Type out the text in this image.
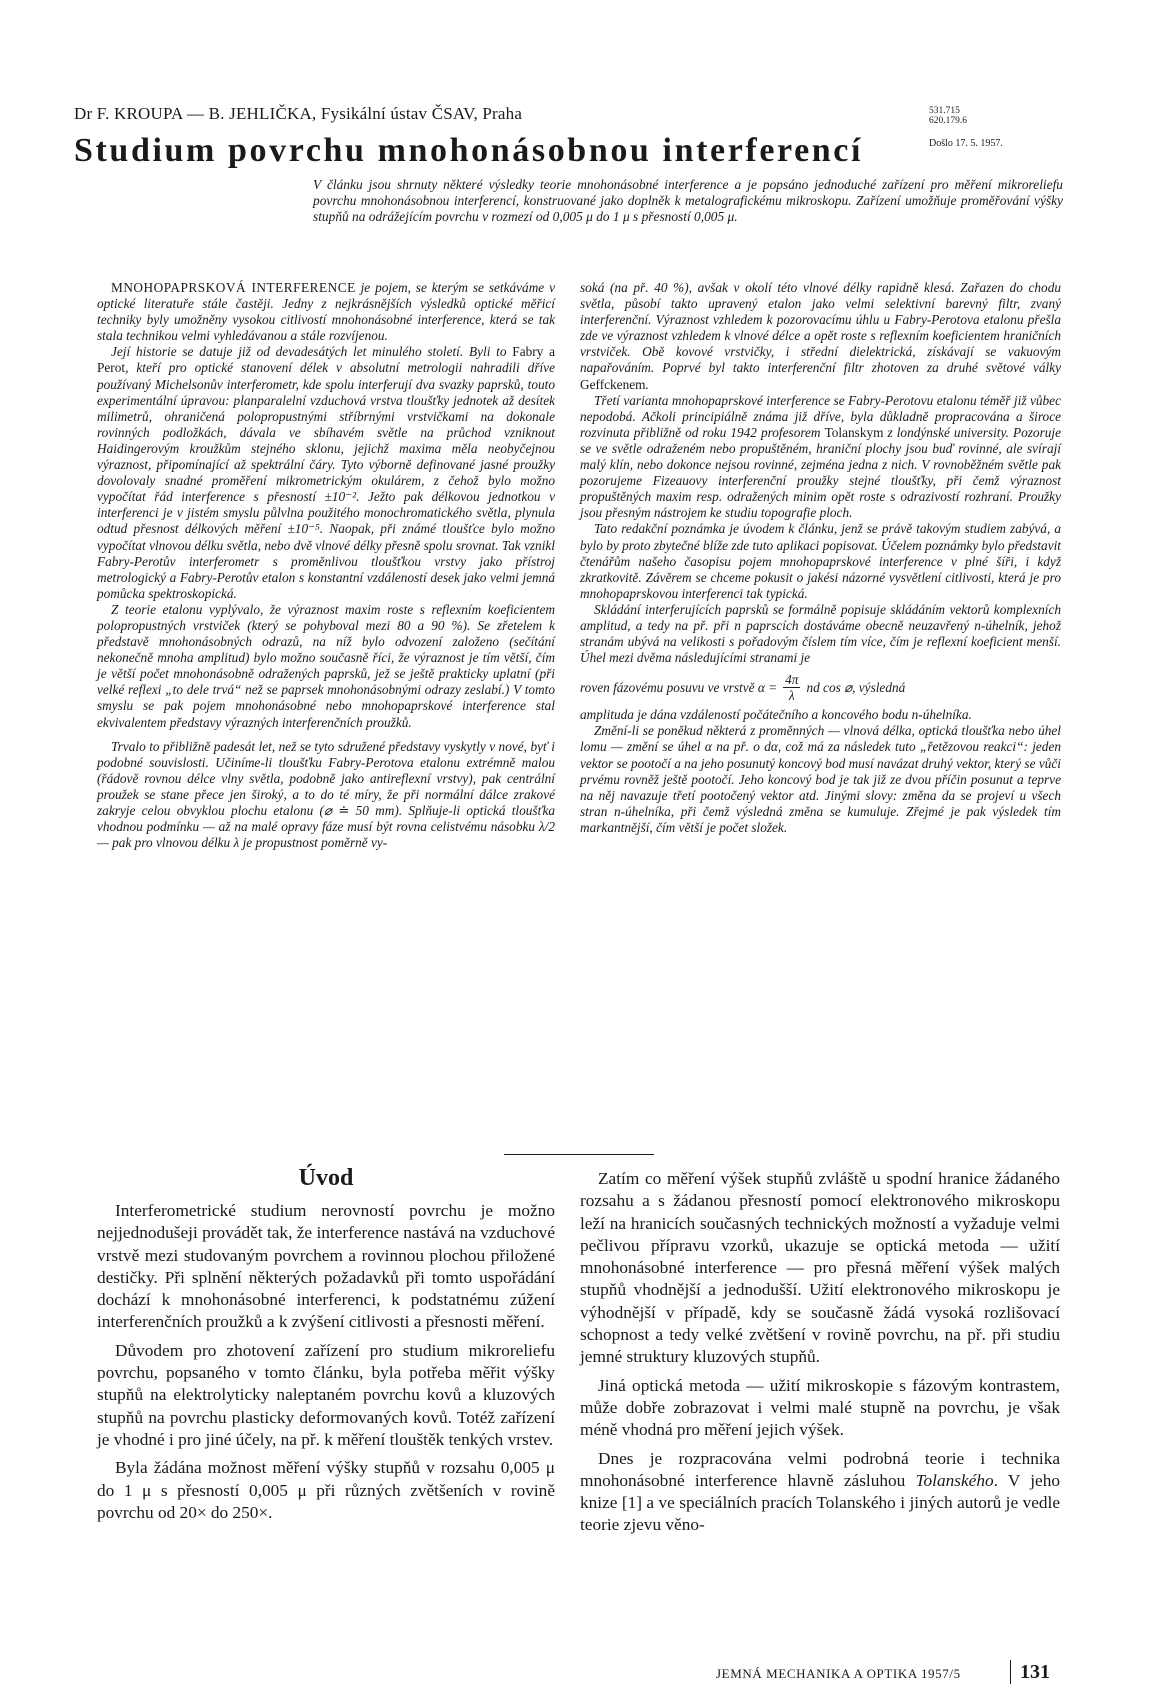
Dr F. KROUPA — B. JEHLIČKA, Fysikální ústav ČSAV, Praha	531.715
620.179.6
Došlo 17. 5. 1957.
Studium povrchu mnohonásobnou interferencí

V článku jsou shrnuty některé výsledky teorie mnohonásobné interference a je popsáno jednoduché zařízení pro měření mikroreliefu povrchu mnohonásobnou interferencí, konstruované jako doplněk k metalografickému mikroskopu. Zařízení umožňuje proměřování výšky stupňů na odrážejícím povrchu v rozmezí od 0,005 μ do 1 μ s přesností 0,005 μ.

MNOHOPAPRSKOVÁ INTERFERENCE je pojem, se kterým se setkáváme v optické literatuře stále častěji. Jedny z nejkrásnějších výsledků optické měřicí techniky byly umožněny vysokou citlivostí mnohonásobné interference, která se tak stala technikou velmi vyhledávanou a stále rozvíjenou.

Její historie se datuje již od devadesátých let minulého století. Byli to Fabry a Perot, kteří pro optické stanovení délek v absolutní metrologii nahradili dříve používaný Michelsonův interferometr, kde spolu interferují dva svazky paprsků, touto experimentální úpravou: planparalelní vzduchová vrstva tloušťky jednotek až desítek milimetrů, ohraničená polopropustnými stříbrnými vrstvičkami na dokonale rovinných podložkách, dávala ve sbíhavém světle na průchod vzniknout Haidingerovým kroužkům stejného sklonu, jejichž maxima měla neobyčejnou výraznost, připomínající až spektrální čáry. Tyto výborně definované jasné proužky dovolovaly snadné proměření mikrometrickým okulárem, z čehož bylo možno vypočítat řád interference s přesností ±10⁻². Ježto pak délkovou jednotkou v interferenci je v jistém smyslu půlvlna použitého monochromatického světla, plynula odtud přesnost délkových měření ±10⁻⁵. Naopak, při známé tloušťce bylo možno vypočítat vlnovou délku světla, nebo dvě vlnové délky přesně spolu srovnat. Tak vznikl Fabry-Perotův interferometr s proměnlivou tloušťkou vrstvy jako přístroj metrologický a Fabry-Perotův etalon s konstantní vzdáleností desek jako velmi jemná pomůcka spektroskopická.

Z teorie etalonu vyplývalo, že výraznost maxim roste s reflexním koeficientem polopropustných vrstviček (který se pohyboval mezi 80 a 90 %). Se zřetelem k představě mnohonásobných odrazů, na níž bylo odvození založeno (sečítání nekonečně mnoha amplitud) bylo možno současně říci, že výraznost je tím větší, čím je větší počet mnohonásobně odražených paprsků, jež se ještě prakticky uplatní (při velké reflexi „to dele trvá“ než se paprsek mnohonásobnými odrazy zeslabí.) V tomto smyslu se pak pojem mnohonásobné nebo mnohopaprskové interference stal ekvivalentem představy výrazných interferenčních proužků.

Trvalo to přibližně padesát let, než se tyto sdružené představy vyskytly v nové, byť i podobné souvislosti. Učiníme-li tloušťku Fabry-Perotova etalonu extrémně malou (řádově rovnou délce vlny světla, podobně jako antireflexní vrstvy), pak centrální proužek se stane přece jen široký, a to do té míry, že při normální dálce zrakové zakryje celou obvyklou plochu etalonu (⌀ ≐ 50 mm). Splňuje-li optická tloušťka vhodnou podmínku — až na malé opravy fáze musí být rovna celistvému násobku λ/2 — pak pro vlnovou délku λ je propustnost poměrně vy-

soká (na př. 40 %), avšak v okolí této vlnové délky rapidně klesá. Zařazen do chodu světla, působí takto upravený etalon jako velmi selektivní barevný filtr, zvaný interferenční. Výraznost vzhledem k pozorovacímu úhlu u Fabry-Perotova etalonu přešla zde ve výraznost vzhledem k vlnové délce a opět roste s reflexním koeficientem hraničních vrstviček. Obě kovové vrstvičky, i střední dielektrická, získávají se vakuovým napařováním. Poprvé byl takto interferenční filtr zhotoven za druhé světové války Geffckenem.

Třetí varianta mnohopaprskové interference se Fabry-Perotovu etalonu téměř již vůbec nepodobá. Ačkoli principiálně známa již dříve, byla důkladně propracována a široce rozvinuta přibližně od roku 1942 profesorem Tolanskym z londýnské university. Pozoruje se ve světle odraženém nebo propuštěném, hraniční plochy jsou buď rovinné, ale svírají malý klín, nebo dokonce nejsou rovinné, zejména jedna z nich. V rovnoběžném světle pak pozorujeme Fizeauovy interferenční proužky stejné tloušťky, při čemž výraznost propuštěných maxim resp. odražených minim opět roste s odrazivostí rozhraní. Proužky jsou přesným nástrojem ke studiu topografie ploch.

Tato redakční poznámka je úvodem k článku, jenž se právě takovým studiem zabývá, a bylo by proto zbytečné blíže zde tuto aplikaci popisovat. Účelem poznámky bylo představit čtenářům našeho časopisu pojem mnohopaprskové interference v plné šíři, i když zkratkovitě. Závěrem se chceme pokusit o jakési názorné vysvětlení citlivosti, která je pro mnohopaprskovou interferenci tak typická.

Skládání interferujících paprsků se formálně popisuje skládáním vektorů komplexních amplitud, a tedy na př. při n paprscích dostáváme obecně neuzavřený n-úhelník, jehož stranám ubývá na velikosti s pořadovým číslem tím více, čím je reflexní koeficient menší. Úhel mezi dvěma následujícími stranami je

roven fázovému posuvu ve vrstvě $\alpha = \frac{4\pi}{\lambda}$ nd cos ⌀, výsledná

amplituda je dána vzdáleností počátečního a koncového bodu n-úhelníka.

Změní-li se poněkud některá z proměnných — vlnová délka, optická tloušťka nebo úhel lomu — změní se úhel α na př. o dα, což má za následek tuto „řetězovou reakci“: jeden vektor se pootočí a na jeho posunutý koncový bod musí navázat druhý vektor, který se vůči prvému rovněž ještě pootočí. Jeho koncový bod je tak již ze dvou příčin posunut a teprve na něj navazuje třetí pootočený vektor atd. Jinými slovy: změna da se projeví u všech stran n-úhelníka, při čemž výsledná změna se kumuluje. Zřejmé je pak výsledek tím markantnější, čím větší je počet složek.

Úvod

Interferometrické studium nerovností povrchu je možno nejjednodušeji provádět tak, že interference nastává na vzduchové vrstvě mezi studovaným povrchem a rovinnou plochou přiložené destičky. Při splnění některých požadavků při tomto uspořádání dochází k mnohonásobné interferenci, k podstatnému zúžení interferenčních proužků a k zvýšení citlivosti a přesnosti měření.

Důvodem pro zhotovení zařízení pro studium mikroreliefu povrchu, popsaného v tomto článku, byla potřeba měřit výšky stupňů na elektrolyticky naleptaném povrchu kovů a kluzových stupňů na povrchu plasticky deformovaných kovů. Totéž zařízení je vhodné i pro jiné účely, na př. k měření tlouštěk tenkých vrstev.

Byla žádána možnost měření výšky stupňů v rozsahu 0,005 μ do 1 μ s přesností 0,005 μ při různých zvětšeních v rovině povrchu od 20× do 250×.

Zatím co měření výšek stupňů zvláště u spodní hranice žádaného rozsahu a s žádanou přesností pomocí elektronového mikroskopu leží na hranicích současných technických možností a vyžaduje velmi pečlivou přípravu vzorků, ukazuje se optická metoda — užití mnohonásobné interference — pro přesná měření výšek malých stupňů vhodnější a jednodušší. Užití elektronového mikroskopu je výhodnější v případě, kdy se současně žádá vysoká rozlišovací schopnost a tedy velké zvětšení v rovině povrchu, na př. při studiu jemné struktury kluzových stupňů.

Jiná optická metoda — užití mikroskopie s fázovým kontrastem, může dobře zobrazovat i velmi malé stupně na povrchu, je však méně vhodná pro měření jejich výšek.

Dnes je rozpracována velmi podrobná teorie i technika mnohonásobné interference hlavně zásluhou Tolanského. V jeho knize [1] a ve speciálních pracích Tolanského i jiných autorů je vedle teorie zjevu věno-

JEMNÁ MECHANIKA A OPTIKA 1957/5	131
